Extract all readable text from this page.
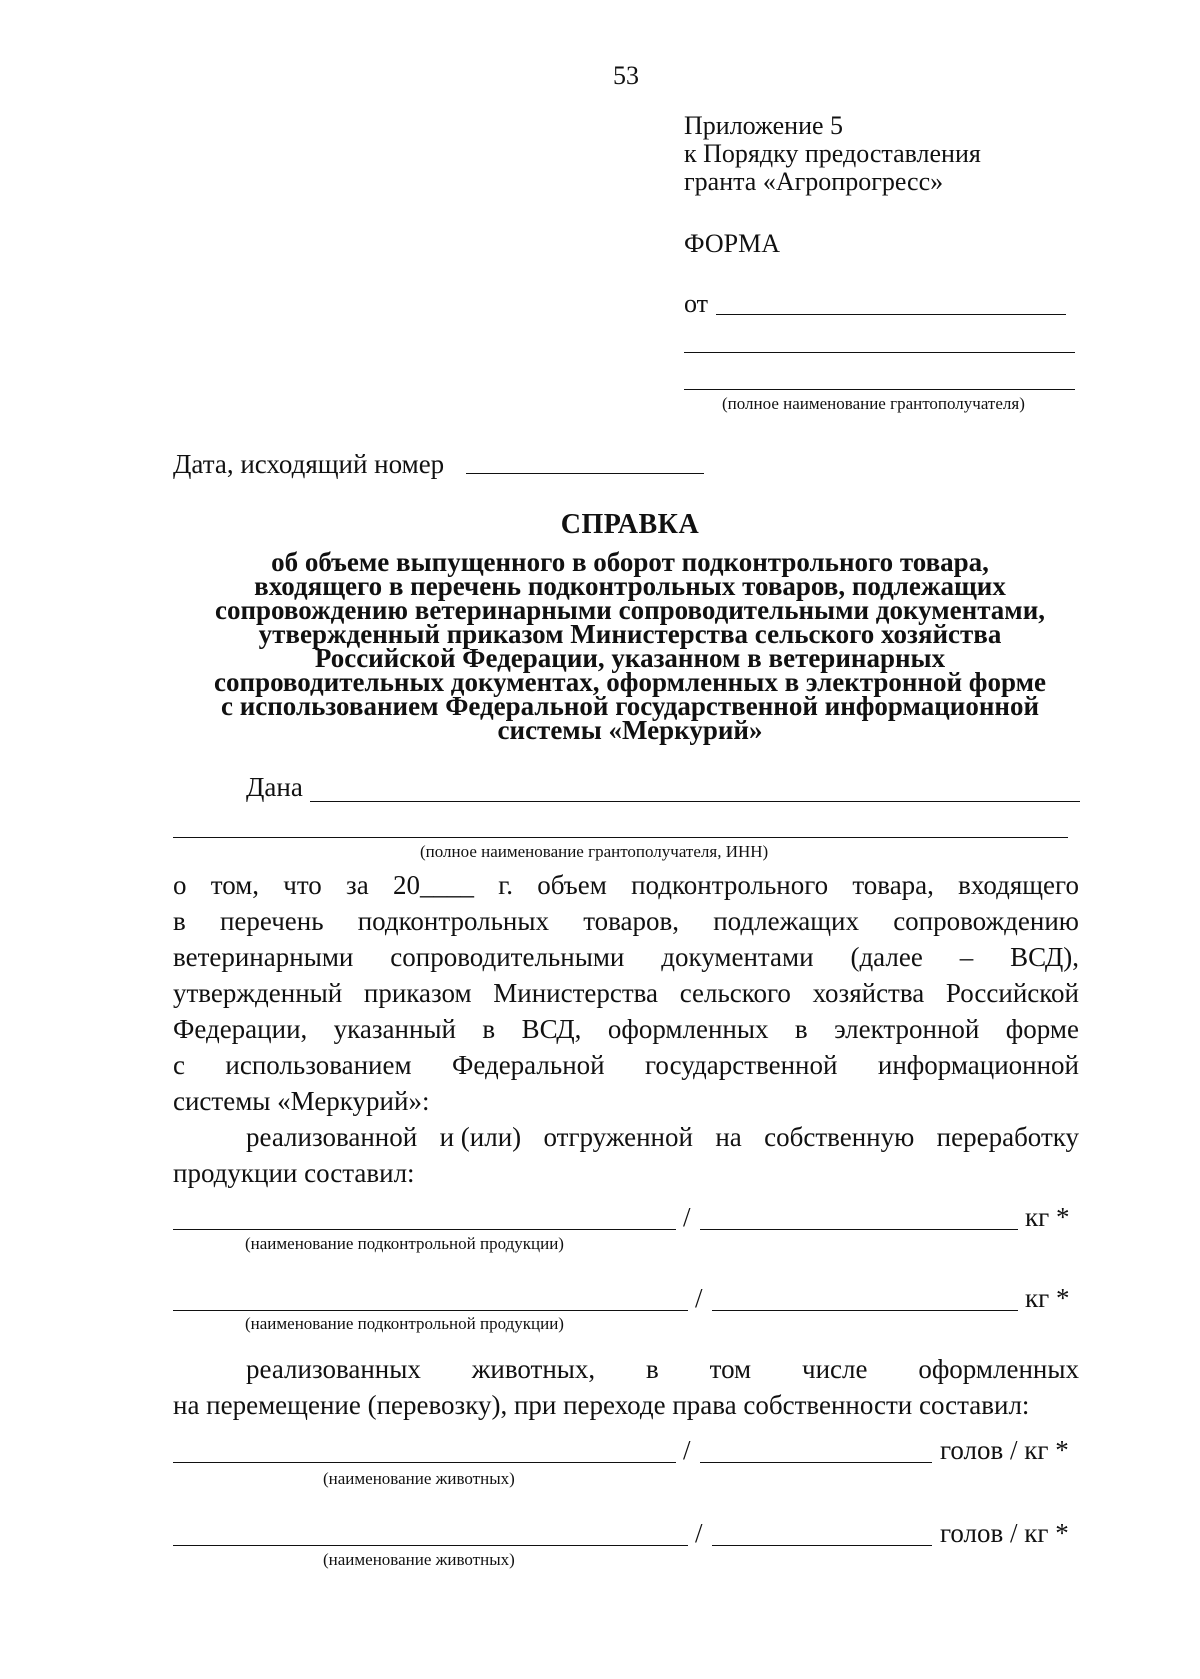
53
Приложение 5
к Порядку предоставления
гранта «Агропрогресс»
ФОРМА
от
(полное наименование грантополучателя)
Дата, исходящий номер
СПРАВКА
об объеме выпущенного в оборот подконтрольного товара,
входящего в перечень подконтрольных товаров, подлежащих
сопровождению ветеринарными сопроводительными документами,
утвержденный приказом Министерства сельского хозяйства
Российской Федерации, указанном в ветеринарных
сопроводительных документах, оформленных в электронной форме
с использованием Федеральной государственной информационной
системы «Меркурий»
Дана
(полное наименование грантополучателя, ИНН)
о том, что за 20____ г. объем подконтрольного товара, входящего
в перечень подконтрольных товаров, подлежащих сопровождению
ветеринарными сопроводительными документами (далее – ВСД),
утвержденный приказом Министерства сельского хозяйства Российской
Федерации, указанный в ВСД, оформленных в электронной форме
с использованием Федеральной государственной информационной
системы «Меркурий»:
реализованной и (или) отгруженной на собственную переработку
продукции составил:
/	кг *
(наименование подконтрольной продукции)
/	кг *
(наименование подконтрольной продукции)
реализованных животных, в том числе оформленных
на перемещение (перевозку), при переходе права собственности составил:
/	голов / кг *
(наименование животных)
/	голов / кг *
(наименование животных)
